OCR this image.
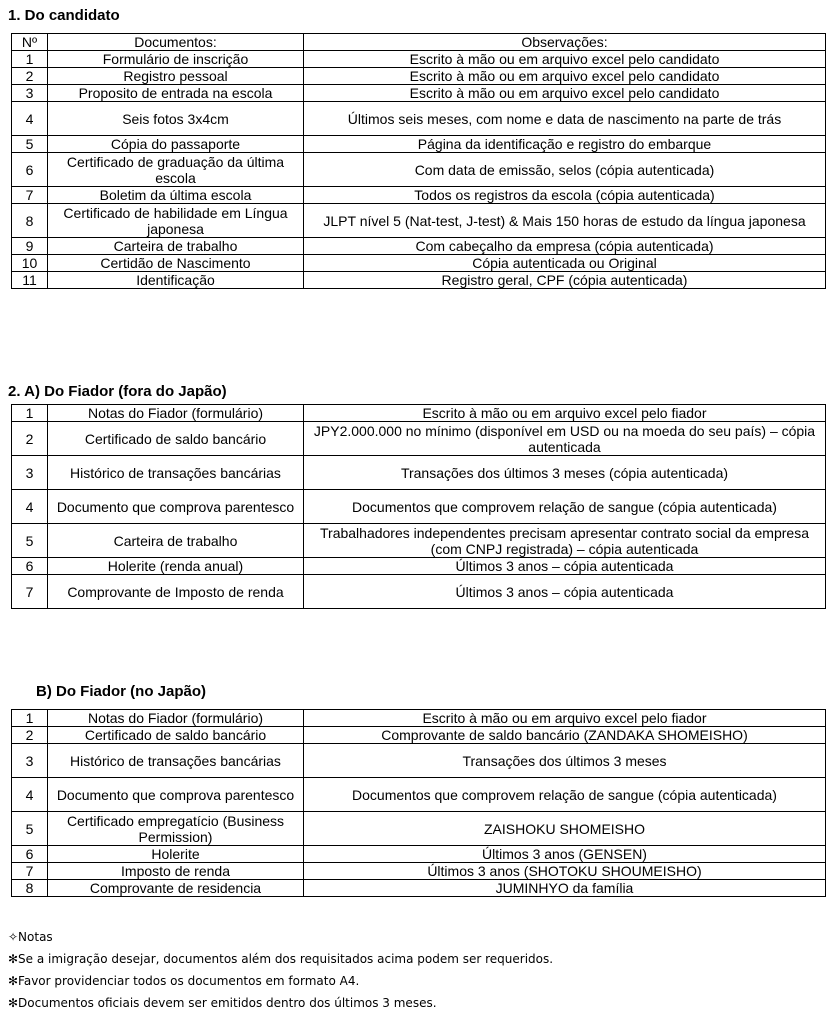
1. Do candidato
Nº	Documentos:	Observações:
1	Formulário de inscrição	Escrito à mão ou em arquivo excel pelo candidato
2	Registro pessoal	Escrito à mão ou em arquivo excel pelo candidato
3	Proposito de entrada na escola	Escrito à mão ou em arquivo excel pelo candidato
4	Seis fotos 3x4cm	Últimos seis meses, com nome e data de nascimento na parte de trás
5	Cópia do passaporte	Página da identificação e registro do embarque
6	Certificado de graduação da última escola	Com data de emissão, selos (cópia autenticada)
7	Boletim da última escola	Todos os registros da escola (cópia autenticada)
8	Certificado de habilidade em Língua japonesa	JLPT nível 5 (Nat-test, J-test) & Mais 150 horas de estudo da língua japonesa
9	Carteira de trabalho	Com cabeçalho da empresa (cópia autenticada)
10	Certidão de Nascimento	Cópia autenticada ou Original
11	Identificação	Registro geral, CPF (cópia autenticada)
2. A) Do Fiador (fora do Japão)
1	Notas do Fiador (formulário)	Escrito à mão ou em arquivo excel pelo fiador
2	Certificado de saldo bancário	JPY2.000.000 no mínimo (disponível em USD ou na moeda do seu país) – cópia autenticada
3	Histórico de transações bancárias	Transações dos últimos 3 meses (cópia autenticada)
4	Documento que comprova parentesco	Documentos que comprovem relação de sangue (cópia autenticada)
5	Carteira de trabalho	Trabalhadores independentes precisam apresentar contrato social da empresa (com CNPJ registrada) – cópia autenticada
6	Holerite (renda anual)	Últimos 3 anos – cópia autenticada
7	Comprovante de Imposto de renda	Últimos 3 anos – cópia autenticada
B) Do Fiador (no Japão)
1	Notas do Fiador (formulário)	Escrito à mão ou em arquivo excel pelo fiador
2	Certificado de saldo bancário	Comprovante de saldo bancário (ZANDAKA SHOMEISHO)
3	Histórico de transações bancárias	Transações dos últimos 3 meses
4	Documento que comprova parentesco	Documentos que comprovem relação de sangue (cópia autenticada)
5	Certificado empregatício (Business Permission)	ZAISHOKU SHOMEISHO
6	Holerite	Últimos 3 anos (GENSEN)
7	Imposto de renda	Últimos 3 anos (SHOTOKU SHOUMEISHO)
8	Comprovante de residencia	JUMINHYO da família
✧Notas
✻Se a imigração desejar, documentos além dos requisitados acima podem ser requeridos.
✻Favor providenciar todos os documentos em formato A4.
✻Documentos oficiais devem ser emitidos dentro dos últimos 3 meses.
